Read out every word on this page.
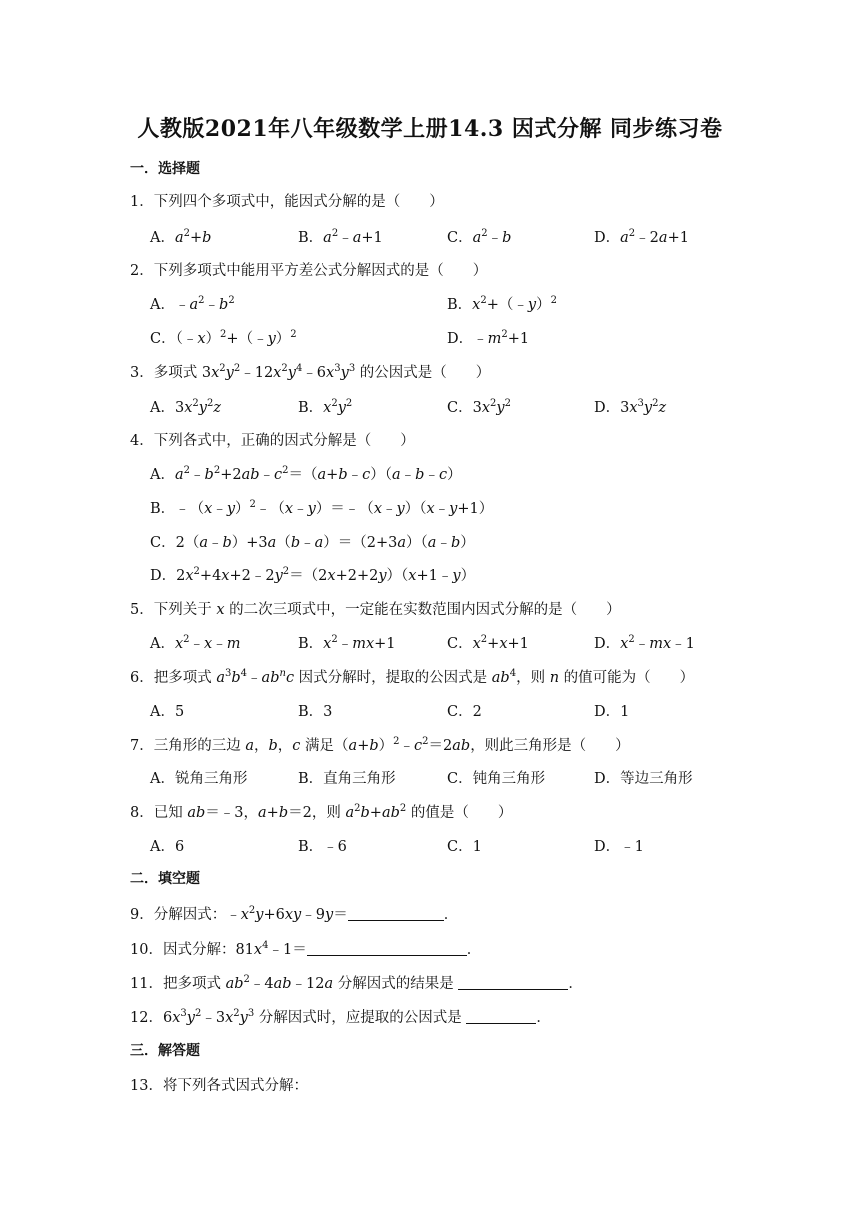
人教版2021年八年级数学上册14.3 因式分解 同步练习卷
一．选择题
1．下列四个多项式中，能因式分解的是（　　）
A．$a^2+b$	B．$a^2﹣a+1$	C．$a^2﹣b$	D．$a^2﹣2a+1$
2．下列多项式中能用平方差公式分解因式的是（　　）
A．$﹣a^2﹣b^2$	B．$x^2+(﹣y)^2$
C．（﹣x）$^2$+（﹣y）$^2$	D．$﹣m^2+1$
3．多项式 $3x^2y^2﹣12x^2y^4﹣6x^3y^3$ 的公因式是（　　）
A．$3x^2y^2z$	B．$x^2y^2$	C．$3x^2y^2$	D．$3x^3y^2z$
4．下列各式中，正确的因式分解是（　　）
A．$a^2﹣b^2+2ab﹣c^2=(a+b﹣c)(a﹣b﹣c)$
B．﹣（x﹣y）$^2$﹣（x﹣y）＝﹣（x﹣y）（x﹣y+1）
C．2（a﹣b）+3a（b﹣a）＝（2+3a）（a﹣b）
D．$2x^2+4x+2﹣2y^2=(2x+2+2y)(x+1﹣y)$
5．下列关于 x 的二次三项式中，一定能在实数范围内因式分解的是（　　）
A．$x^2﹣x﹣m$	B．$x^2﹣mx+1$	C．$x^2+x+1$	D．$x^2﹣mx﹣1$
6．把多项式 $a^3b^4﹣ab^nc$ 因式分解时，提取的公因式是 $ab^4$，则 n 的值可能为（　　）
A．5	B．3	C．2	D．1
7．三角形的三边 a，b，c 满足$(a+b)^2﹣c^2=2ab$，则此三角形是（　　）
A．锐角三角形	B．直角三角形	C．钝角三角形	D．等边三角形
8．已知 ab＝﹣3，a+b＝2，则 $a^2b+ab^2$ 的值是（　　）
A．6	B．﹣6	C．1	D．﹣1
二．填空题
9．分解因式：$﹣x^2y+6xy﹣9y=$	．
10．因式分解：$81x^4﹣1=$	．
11．把多项式 $ab^2﹣4ab﹣12a$ 分解因式的结果是	．
12．$6x^3y^2﹣3x^2y^3$ 分解因式时，应提取的公因式是	．
三．解答题
13．将下列各式因式分解：
